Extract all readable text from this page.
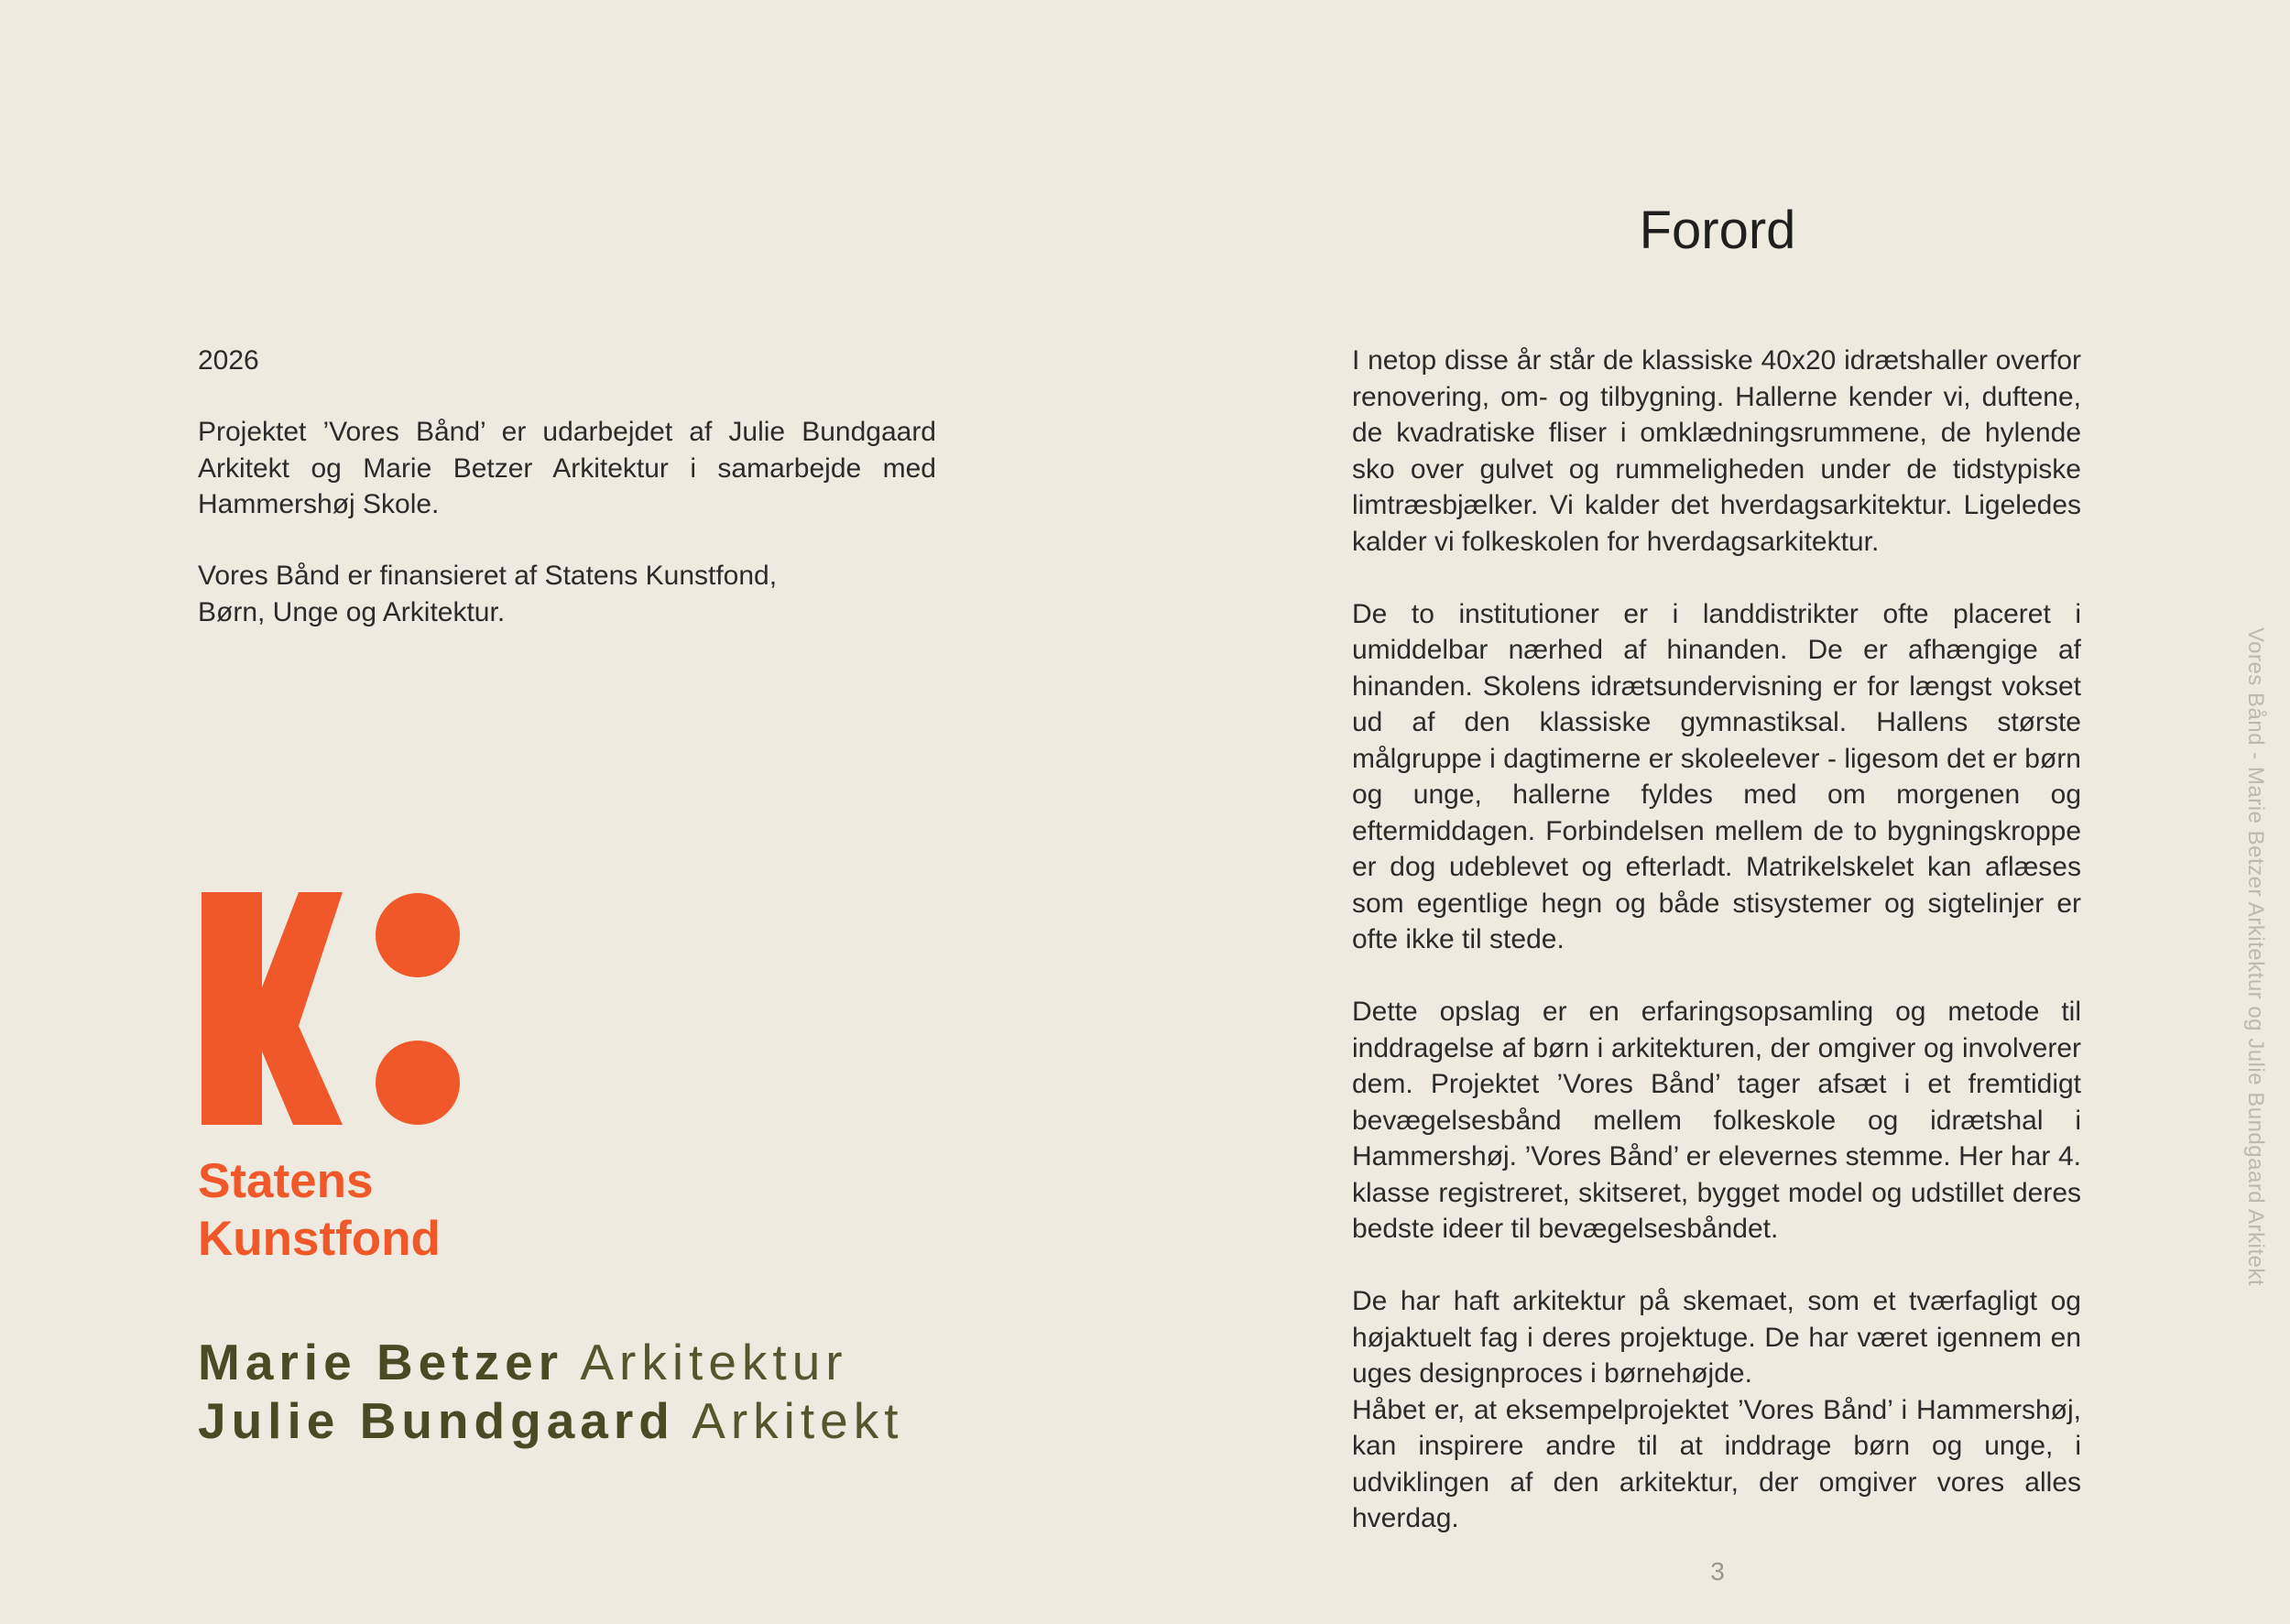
2026
Projektet ’Vores Bånd’ er udarbejdet af Julie Bundgaard Arkitekt og Marie Betzer Arkitektur i samarbejde med Hammershøj Skole.
Vores Bånd er finansieret af Statens Kunstfond,
Børn, Unge og Arkitektur.
Statens
Kunstfond
Marie Betzer Arkitektur
Julie Bundgaard Arkitekt
Forord

I netop disse år står de klassiske 40x20 idrætshaller overfor renovering, om- og tilbygning. Hallerne kender vi, duftene, de kvadratiske fliser i omklædningsrummene, de hylende sko over gulvet og rummeligheden under de tidstypiske limtræsbjælker. Vi kalder det hverdagsarkitektur. Ligeledes kalder vi folkeskolen for hverdagsarkitektur.

De to institutioner er i landdistrikter ofte placeret i umiddelbar nærhed af hinanden. De er afhængige af hinanden. Skolens idrætsundervisning er for længst vokset ud af den klassiske gymnastiksal. Hallens største målgruppe i dagtimerne er skoleelever - ligesom det er børn og unge, hallerne fyldes med om morgenen og eftermiddagen. Forbindelsen mellem de to bygningskroppe er dog udeblevet og efterladt. Matrikelskelet kan aflæses som egentlige hegn og både stisystemer og sigtelinjer er ofte ikke til stede.

Dette opslag er en erfaringsopsamling og metode til inddragelse af børn i arkitekturen, der omgiver og involverer dem. Projektet ’Vores Bånd’ tager afsæt i et fremtidigt bevægelsesbånd mellem folkeskole og idrætshal i Hammershøj. ’Vores Bånd’ er elevernes stemme. Her har 4. klasse registreret, skitseret, bygget model og udstillet deres bedste ideer til bevægelsesbåndet.

De har haft arkitektur på skemaet, som et tværfagligt og højaktuelt fag i deres projektuge. De har været igennem en uges designproces i børnehøjde.

Håbet er, at eksempelprojektet ’Vores Bånd’ i Hammershøj, kan inspirere andre til at inddrage børn og unge, i udviklingen af den arkitektur, der omgiver vores alles hverdag.

3
Vores Bånd - Marie Betzer Arkitektur og Julie Bundgaard Arkitekt
